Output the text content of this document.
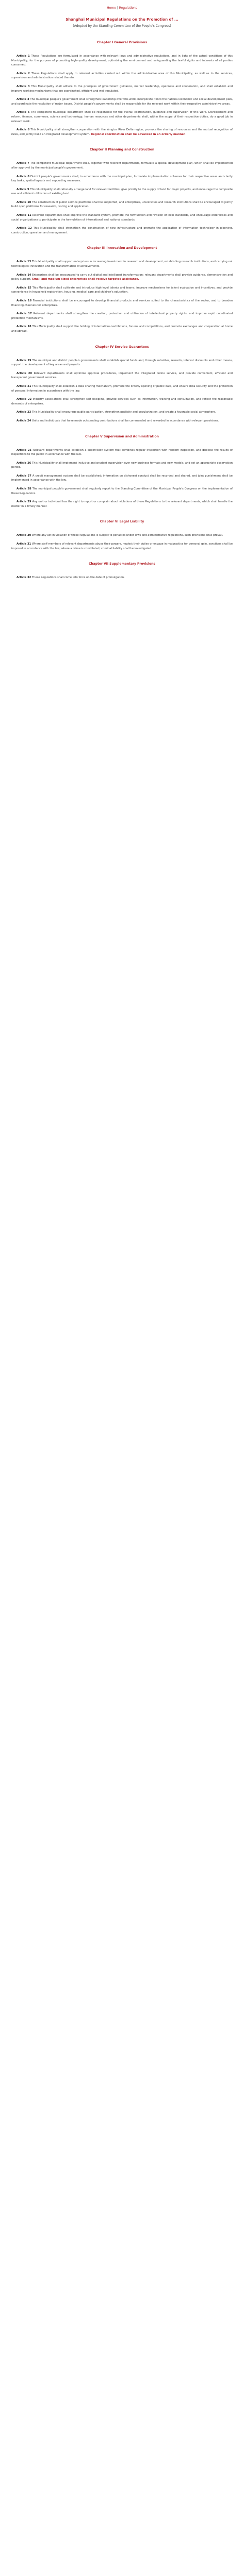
Home | Regulations
Shanghai Municipal Regulations on the Promotion of ...
(Adopted by the Standing Committee of the People's Congress)
Chapter I General Provisions

Article 1 These Regulations are formulated in accordance with relevant laws and administrative regulations, and in light of the actual conditions of this Municipality, for the purpose of promoting high-quality development, optimizing the environment and safeguarding the lawful rights and interests of all parties concerned.

Article 2 These Regulations shall apply to relevant activities carried out within the administrative area of this Municipality, as well as to the services, supervision and administration related thereto.

Article 3 This Municipality shall adhere to the principles of government guidance, market leadership, openness and cooperation, and shall establish and improve working mechanisms that are coordinated, efficient and well-regulated.

Article 4 The municipal people's government shall strengthen leadership over this work, incorporate it into the national economic and social development plan, and coordinate the resolution of major issues. District people's governments shall be responsible for the relevant work within their respective administrative areas.

Article 5 The competent municipal department shall be responsible for the overall coordination, guidance and supervision of this work. Development and reform, finance, commerce, science and technology, human resources and other departments shall, within the scope of their respective duties, do a good job in relevant work.

Article 6 This Municipality shall strengthen cooperation with the Yangtze River Delta region, promote the sharing of resources and the mutual recognition of rules, and jointly build an integrated development system. Regional coordination shall be advanced in an orderly manner.

Chapter II Planning and Construction

Article 7 The competent municipal department shall, together with relevant departments, formulate a special development plan, which shall be implemented after approval by the municipal people's government.

Article 8 District people's governments shall, in accordance with the municipal plan, formulate implementation schemes for their respective areas and clarify key tasks, spatial layouts and supporting measures.

Article 9 This Municipality shall rationally arrange land for relevant facilities, give priority to the supply of land for major projects, and encourage the composite use and efficient utilization of existing land.

Article 10 The construction of public service platforms shall be supported, and enterprises, universities and research institutions shall be encouraged to jointly build open platforms for research, testing and application.

Article 11 Relevant departments shall improve the standard system, promote the formulation and revision of local standards, and encourage enterprises and social organizations to participate in the formulation of international and national standards.

Article 12 This Municipality shall strengthen the construction of new infrastructure and promote the application of information technology in planning, construction, operation and management.

Chapter III Innovation and Development

Article 13 This Municipality shall support enterprises in increasing investment in research and development, establishing research institutions, and carrying out technological innovation and the transformation of achievements.

Article 14 Enterprises shall be encouraged to carry out digital and intelligent transformation; relevant departments shall provide guidance, demonstration and policy support. Small and medium-sized enterprises shall receive targeted assistance.

Article 15 This Municipality shall cultivate and introduce high-level talents and teams, improve mechanisms for talent evaluation and incentives, and provide convenience in household registration, housing, medical care and children's education.

Article 16 Financial institutions shall be encouraged to develop financial products and services suited to the characteristics of the sector, and to broaden financing channels for enterprises.

Article 17 Relevant departments shall strengthen the creation, protection and utilization of intellectual property rights, and improve rapid coordinated protection mechanisms.

Article 18 This Municipality shall support the holding of international exhibitions, forums and competitions, and promote exchanges and cooperation at home and abroad.

Chapter IV Service Guarantees

Article 19 The municipal and district people's governments shall establish special funds and, through subsidies, rewards, interest discounts and other means, support the development of key areas and projects.

Article 20 Relevant departments shall optimize approval procedures, implement the integrated online service, and provide convenient, efficient and transparent government services.

Article 21 This Municipality shall establish a data sharing mechanism, promote the orderly opening of public data, and ensure data security and the protection of personal information in accordance with the law.

Article 22 Industry associations shall strengthen self-discipline, provide services such as information, training and consultation, and reflect the reasonable demands of enterprises.

Article 23 This Municipality shall encourage public participation, strengthen publicity and popularization, and create a favorable social atmosphere.

Article 24 Units and individuals that have made outstanding contributions shall be commended and rewarded in accordance with relevant provisions.

Chapter V Supervision and Administration

Article 25 Relevant departments shall establish a supervision system that combines regular inspection with random inspection, and disclose the results of inspections to the public in accordance with the law.

Article 26 This Municipality shall implement inclusive and prudent supervision over new business formats and new models, and set an appropriate observation period.

Article 27 A credit management system shall be established; information on dishonest conduct shall be recorded and shared, and joint punishment shall be implemented in accordance with the law.

Article 28 The municipal people's government shall regularly report to the Standing Committee of the Municipal People's Congress on the implementation of these Regulations.

Article 29 Any unit or individual has the right to report or complain about violations of these Regulations to the relevant departments, which shall handle the matter in a timely manner.

Chapter VI Legal Liability

Article 30 Where any act in violation of these Regulations is subject to penalties under laws and administrative regulations, such provisions shall prevail.

Article 31 Where staff members of relevant departments abuse their powers, neglect their duties or engage in malpractice for personal gain, sanctions shall be imposed in accordance with the law; where a crime is constituted, criminal liability shall be investigated.

Chapter VII Supplementary Provisions

Article 32 These Regulations shall come into force on the date of promulgation.
